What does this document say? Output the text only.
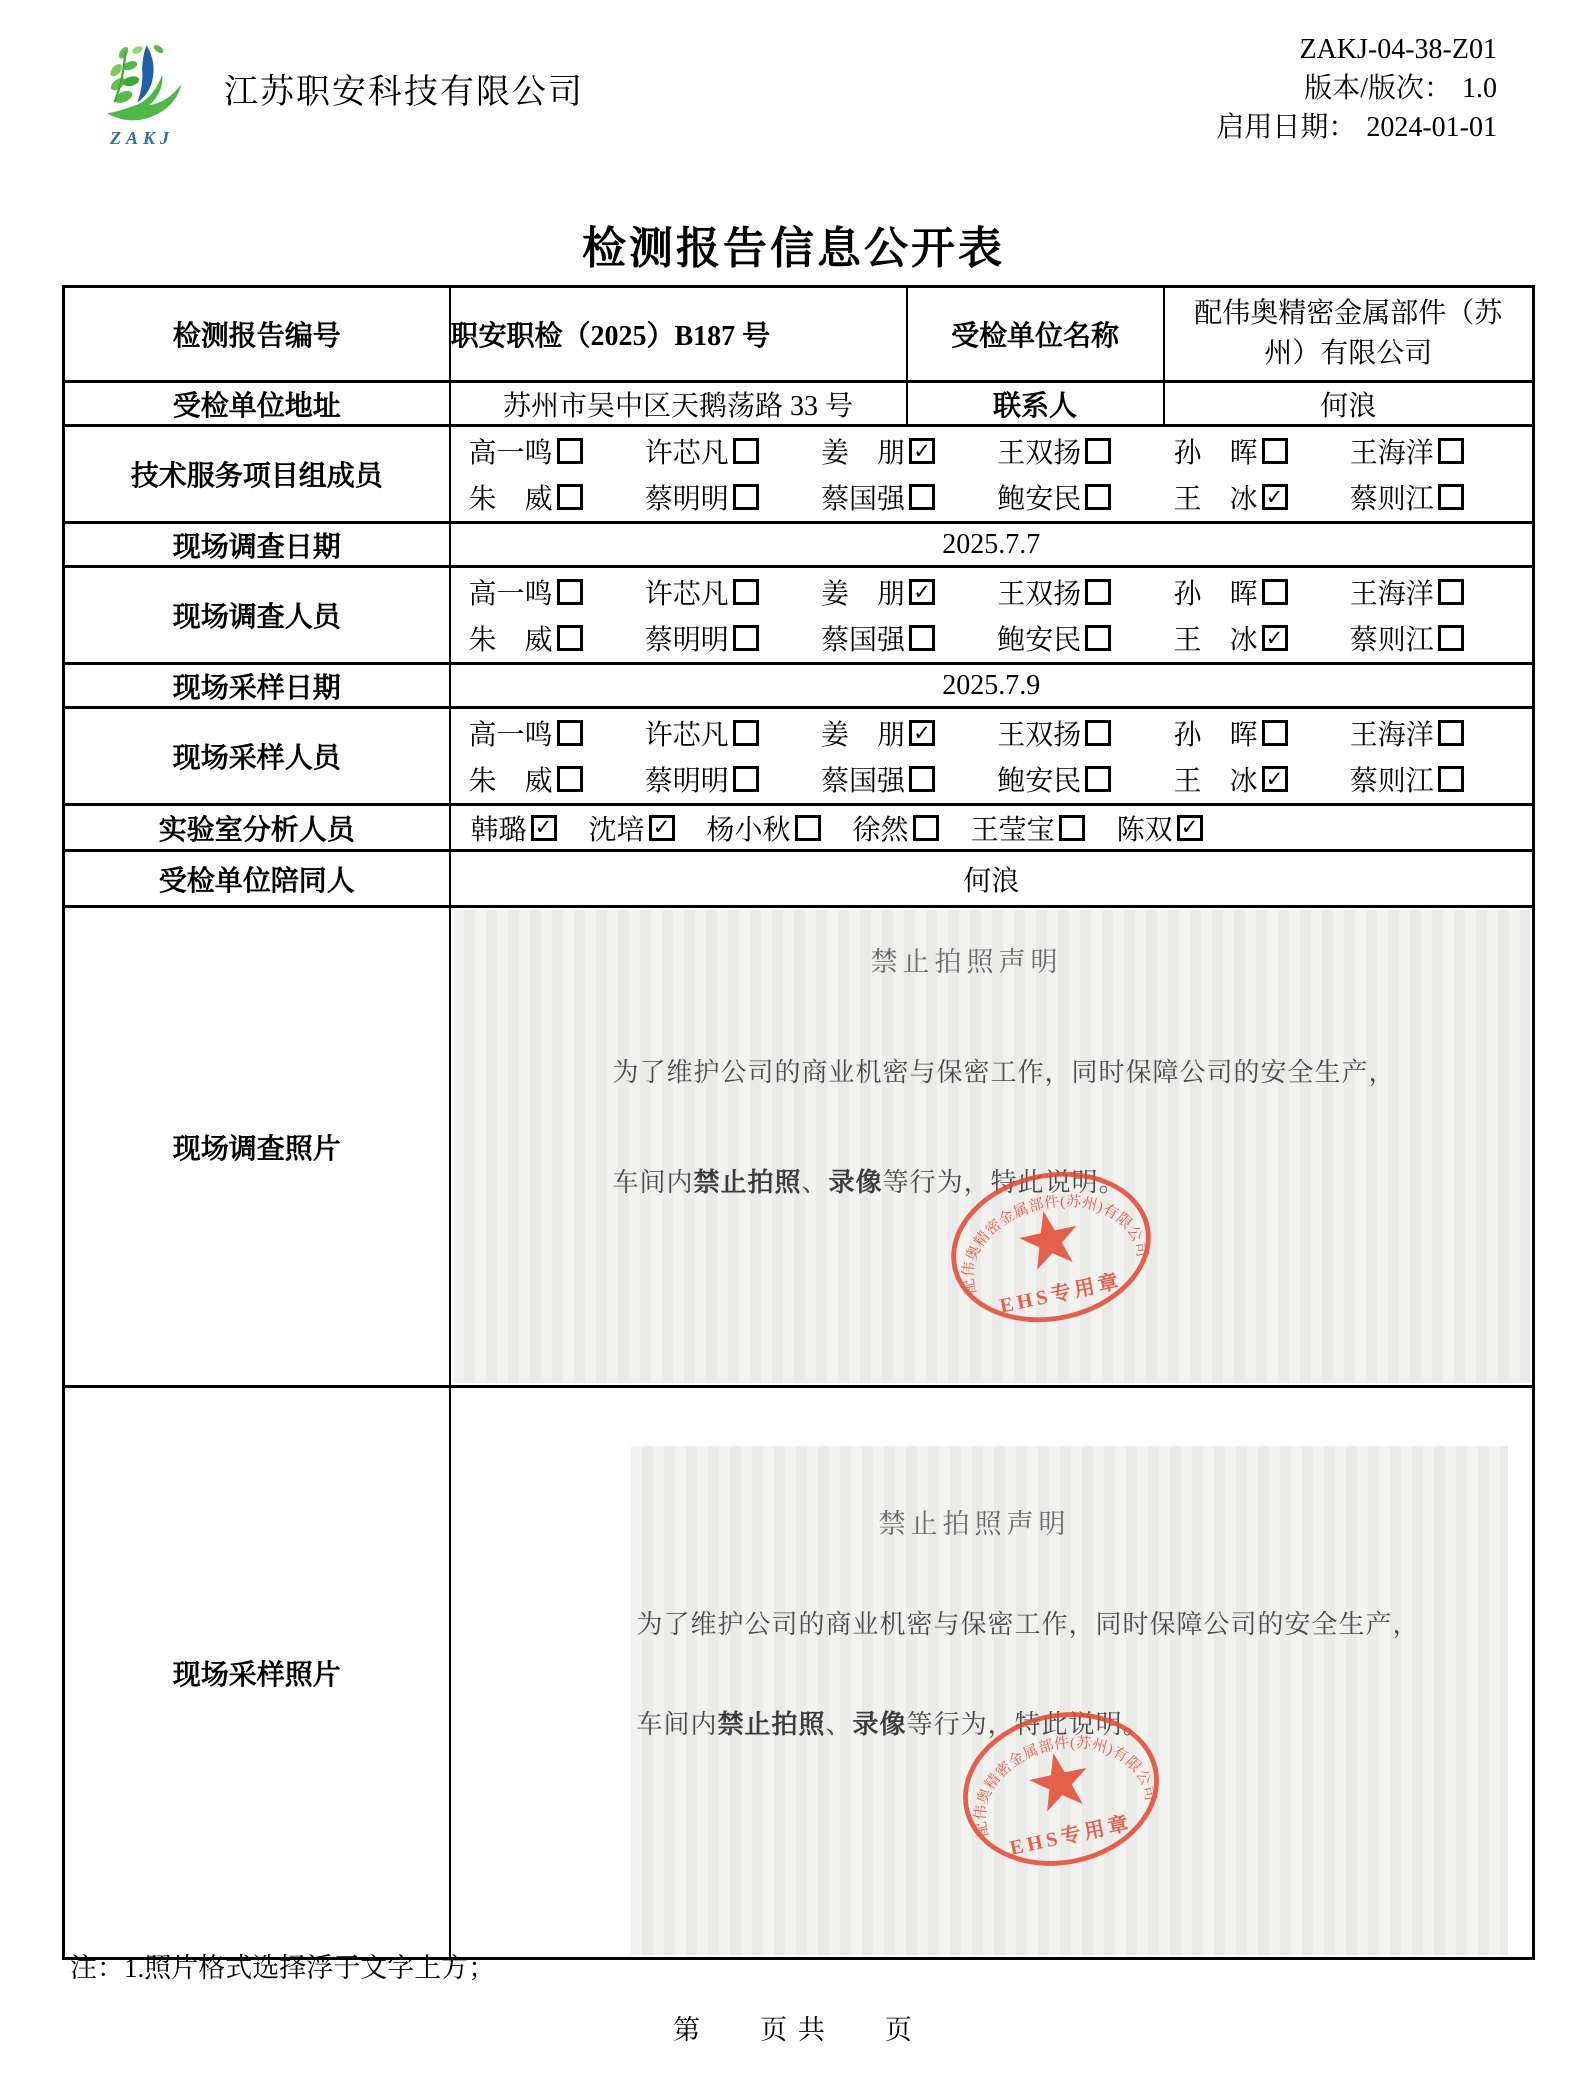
ZAKJ
江苏职安科技有限公司
ZAKJ-04-38-Z01
版本/版次： 1.0
启用日期： 2024-01-01
检测报告信息公开表
检测报告编号	职安职检（2025）B187 号	受检单位名称	配伟奥精密金属部件（苏州）有限公司

受检单位地址	苏州市吴中区天鹅荡路 33 号	联系人	何浪
技术服务项目组成员	
高一鸣	许芯凡	姜　朋 ✓ 王双扬	孙　晖	王海洋
朱　威	蔡明明	蔡国强	鲍安民	王　冰 ✓ 蔡则江

现场调查日期	2025.7.7		
现场调查人员	
高一鸣	许芯凡	姜　朋 ✓ 王双扬	孙　晖	王海洋
朱　威	蔡明明	蔡国强	鲍安民	王　冰 ✓ 蔡则江

现场采样日期	2025.7.9		
现场采样人员	
高一鸣	许芯凡	姜　朋 ✓ 王双扬	孙　晖	王海洋
朱　威	蔡明明	蔡国强	鲍安民	王　冰 ✓ 蔡则江

实验室分析人员	韩璐 ✓ 沈培 ✓ 杨小秋 徐然 王莹宝 陈双 ✓

受检单位陪同人	何浪		
现场调查照片	禁止拍照声明
为了维护公司的商业机密与保密工作，同时保障公司的安全生产，
车间内禁止拍照、录像等行为，特此说明。
配伟奥精密金属部件(苏州)有限公司
EHS专用章		

现场采样照片	禁止拍照声明
为了维护公司的商业机密与保密工作，同时保障公司的安全生产，
车间内禁止拍照、录像等行为，特此说明。
配伟奥精密金属部件(苏州)有限公司
EHS专用章		
注：1.照片格式选择浮于文字上方；
第　　页 共　　页
